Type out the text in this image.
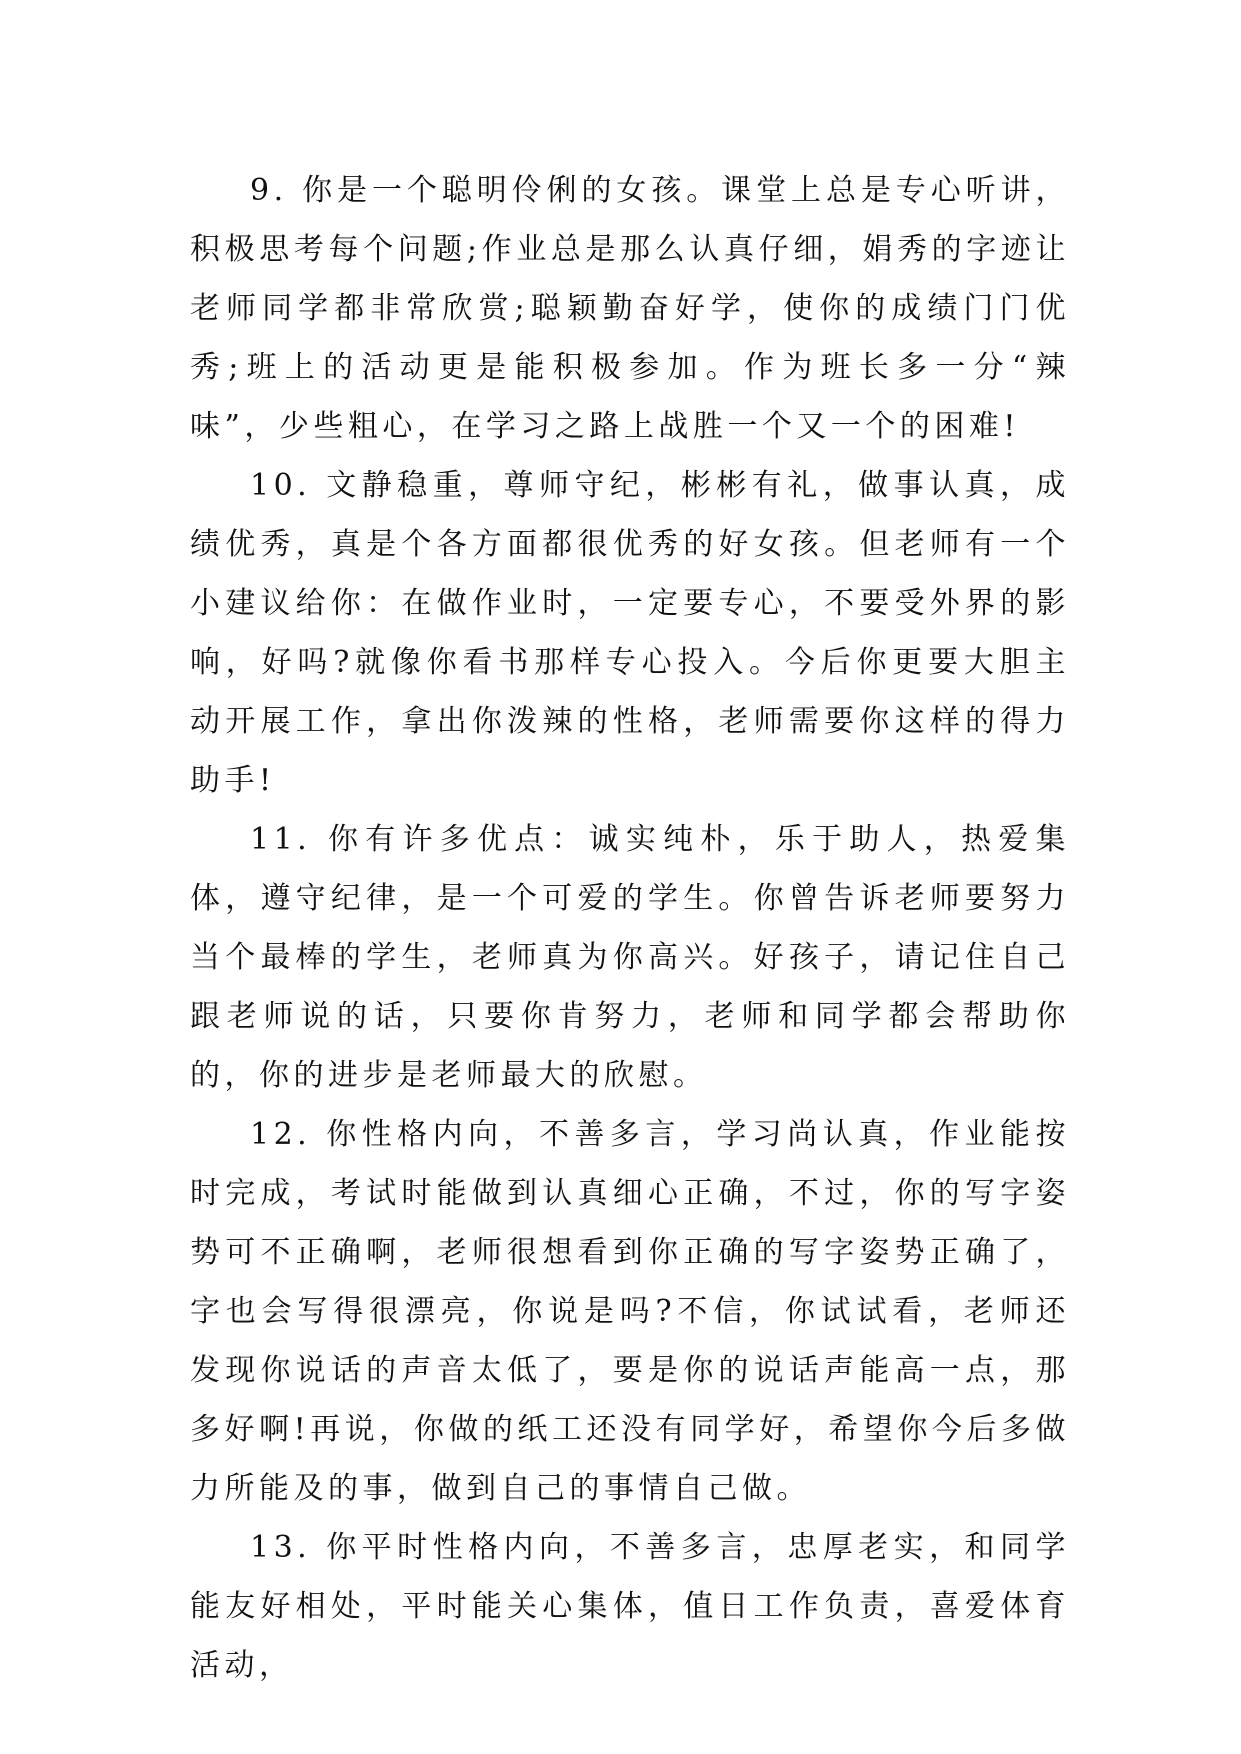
9. 你是一个聪明伶俐的女孩。课堂上总是专心听讲，积极思考每个问题;作业总是那么认真仔细，娟秀的字迹让老师同学都非常欣赏;聪颖勤奋好学，使你的成绩门门优秀;班上的活动更是能积极参加。作为班长多一分“辣味”，少些粗心，在学习之路上战胜一个又一个的困难!

10. 文静稳重，尊师守纪，彬彬有礼，做事认真，成绩优秀，真是个各方面都很优秀的好女孩。但老师有一个小建议给你：在做作业时，一定要专心，不要受外界的影响，好吗?就像你看书那样专心投入。今后你更要大胆主动开展工作，拿出你泼辣的性格，老师需要你这样的得力助手!

11. 你有许多优点：诚实纯朴，乐于助人，热爱集体，遵守纪律，是一个可爱的学生。你曾告诉老师要努力当个最棒的学生，老师真为你高兴。好孩子，请记住自己跟老师说的话，只要你肯努力，老师和同学都会帮助你的，你的进步是老师最大的欣慰。

12. 你性格内向，不善多言，学习尚认真，作业能按时完成，考试时能做到认真细心正确，不过，你的写字姿势可不正确啊，老师很想看到你正确的写字姿势正确了，字也会写得很漂亮，你说是吗?不信，你试试看，老师还发现你说话的声音太低了，要是你的说话声能高一点，那多好啊!再说，你做的纸工还没有同学好，希望你今后多做力所能及的事，做到自己的事情自己做。

13. 你平时性格内向，不善多言，忠厚老实，和同学能友好相处，平时能关心集体，值日工作负责，喜爱体育活动，
